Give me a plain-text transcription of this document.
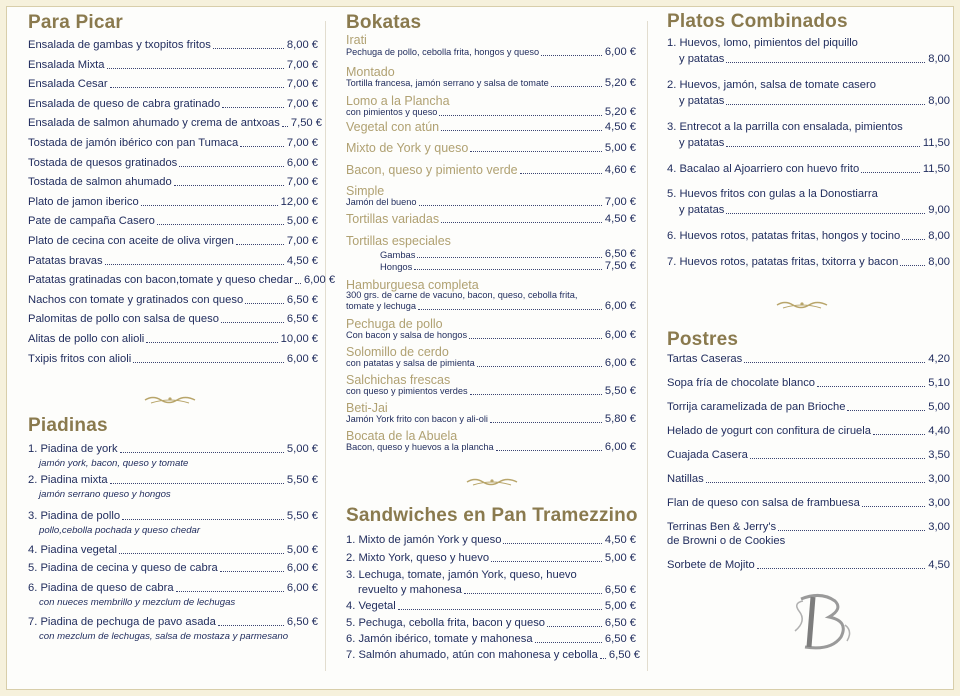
Para Picar
Ensalada de gambas y txopitos fritos	8,00 €
Ensalada Mixta	7,00 €
Ensalada Cesar	7,00 €
Ensalada de queso de cabra gratinado	7,00 €
Ensalada de salmon ahumado y crema de antxoas 7,50 €
Tostada de jamón ibérico con pan Tumaca	7,00 €
Tostada de quesos gratinados	6,00 €
Tostada de salmon ahumado	7,00 €
Plato de jamon iberico	12,00 €
Pate de campaña Casero	5,00 €
Plato de cecina con aceite de oliva virgen	7,00 €
Patatas bravas	4,50 €
Patatas gratinadas con bacon,tomate y queso chedar 6,00 €
Nachos con tomate y gratinados con queso	6,50 €
Palomitas de pollo con salsa de queso	6,50 €
Alitas de pollo con alioli	10,00 €
Txipis fritos con alioli	6,00 €
Piadinas
1. Piadina de york	5,00 €
jamón york, bacon, queso y tomate
2. Piadina mixta	5,50 €
jamón serrano queso y hongos
3. Piadina de pollo	5,50 €
pollo,cebolla pochada y queso chedar
4. Piadina vegetal	5,00 €
5. Piadina de cecina y queso de cabra	6,00 €
6. Piadina de queso de cabra	6,00 €
con nueces membrillo y mezclum de lechugas
7. Piadina de pechuga de pavo asada	6,50 €
con mezclum de lechugas, salsa de mostaza y parmesano
Bokatas
Irati
Pechuga de pollo, cebolla frita, hongos y queso	6,00 €
Montado
Tortilla francesa, jamón serrano y salsa de tomate	5,20 €
Lomo a la Plancha
con pimientos y queso	5,20 €
Vegetal con atún	4,50 €
Mixto de York y queso	5,00 €
Bacon, queso y pimiento verde	4,60 €
Simple
Jamón del bueno	7,00 €
Tortillas variadas	4,50 €
Tortillas especiales
Gambas	6,50 €
Hongos	7,50 €
Hamburguesa completa
300 grs. de carne de vacuno, bacon, queso, cebolla frita,
tomate y lechuga	6,00 €
Pechuga de pollo
Con bacon y salsa de hongos	6,00 €
Solomillo de cerdo
con patatas y salsa de pimienta	6,00 €
Salchichas frescas
con queso y pimientos verdes	5,50 €
Beti-Jai
Jamón York frito con bacon y ali-oli	5,80 €
Bocata de la Abuela
Bacon, queso y huevos a la plancha	6,00 €
Sandwiches en Pan Tramezzino
1. Mixto de jamón York y queso	4,50 €
2. Mixto York, queso y huevo	5,00 €
3. Lechuga, tomate, jamón York, queso, huevo
revuelto y mahonesa	6,50 €
4. Vegetal	5,00 €
5. Pechuga, cebolla frita, bacon y queso	6,50 €
6. Jamón ibérico, tomate y mahonesa	6,50 €
7. Salmón ahumado, atún con mahonesa y cebolla 6,50 €
Platos Combinados
1. Huevos, lomo, pimientos del piquillo
y patatas	8,00
2. Huevos, jamón, salsa de tomate casero
y patatas	8,00
3. Entrecot a la parrilla con ensalada, pimientos
y patatas	11,50
4. Bacalao al Ajoarriero con huevo frito	11,50
5. Huevos fritos con gulas a la Donostiarra
y patatas	9,00
6. Huevos rotos, patatas fritas, hongos y tocino	8,00
7. Huevos rotos, patatas fritas, txitorra y bacon	8,00
Postres
Tartas Caseras	4,20
Sopa fría de chocolate blanco	5,10
Torrija caramelizada de pan Brioche	5,00
Helado de yogurt con confitura de ciruela	4,40
Cuajada Casera	3,50
Natillas	3,00
Flan de queso con salsa de frambuesa	3,00
Terrinas Ben & Jerry's	3,00
de Browni o de Cookies
Sorbete de Mojito	4,50
